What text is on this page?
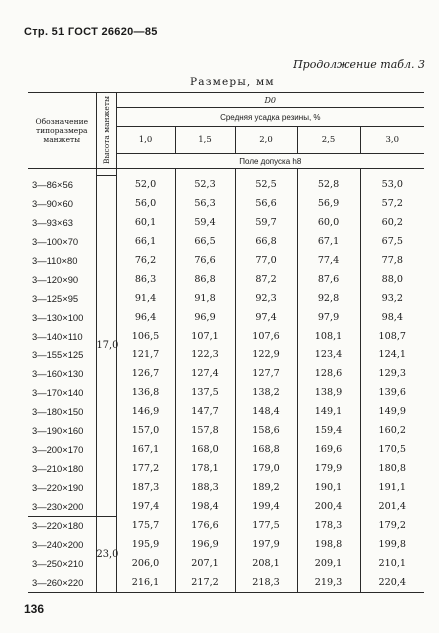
Стр. 51 ГОСТ 26620—85
Продолжение табл. 3
Размеры, мм
Обозначение типоразмера манжеты	Высота манжеты	D0				
		Средняя усадка резины, %				
		1,0	1,5	2,0	2,5	3,0
		Поле допуска h8				

3—86×56	17,0	52,0	52,3	52,5	52,8	53,0
3—90×60		56,0	56,3	56,6	56,9	57,2
3—93×63		60,1	59,4	59,7	60,0	60,2
3—100×70		66,1	66,5	66,8	67,1	67,5
3—110×80		76,2	76,6	77,0	77,4	77,8
3—120×90		86,3	86,8	87,2	87,6	88,0
3—125×95		91,4	91,8	92,3	92,8	93,2
3—130×100		96,4	96,9	97,4	97,9	98,4
3—140×110		106,5	107,1	107,6	108,1	108,7
3—155×125		121,7	122,3	122,9	123,4	124,1
3—160×130		126,7	127,4	127,7	128,6	129,3
3—170×140		136,8	137,5	138,2	138,9	139,6
3—180×150		146,9	147,7	148,4	149,1	149,9
3—190×160		157,0	157,8	158,6	159,4	160,2
3—200×170		167,1	168,0	168,8	169,6	170,5
3—210×180		177,2	178,1	179,0	179,9	180,8
3—220×190		187,3	188,3	189,2	190,1	191,1
3—230×200		197,4	198,4	199,4	200,4	201,4
3—220×180	23,0	175,7	176,6	177,5	178,3	179,2
3—240×200		195,9	196,9	197,9	198,8	199,8
3—250×210		206,0	207,1	208,1	209,1	210,1
3—260×220		216,1	217,2	218,3	219,3	220,4
136
